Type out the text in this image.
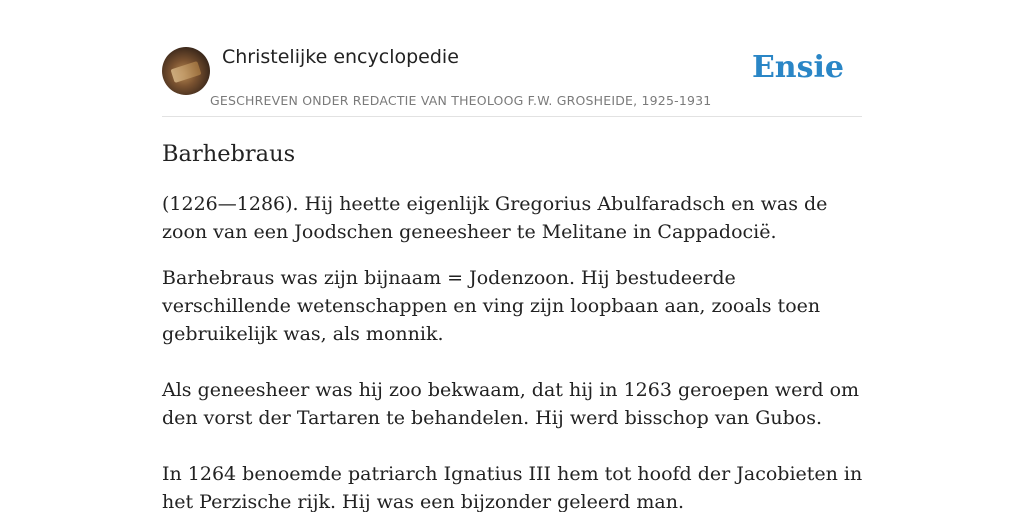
Christelijke encyclopedie
GESCHREVEN ONDER REDACTIE VAN THEOLOOG F.W. GROSHEIDE, 1925-1931
Ensie
Barhebraus

(1226—1286). Hij heette eigenlijk Gregorius Abulfaradsch en was de zoon van een Joodschen geneesheer te Melitane in Cappadocië.

Barhebraus was zijn bijnaam = Jodenzoon. Hij bestudeerde verschillende wetenschappen en ving zijn loopbaan aan, zooals toen gebruikelijk was, als monnik.

Als geneesheer was hij zoo bekwaam, dat hij in 1263 geroepen werd om den vorst der Tartaren te behandelen. Hij werd bisschop van Gubos.

In 1264 benoemde patriarch Ignatius III hem tot hoofd der Jacobieten in het Perzische rijk. Hij was een bijzonder geleerd man.
